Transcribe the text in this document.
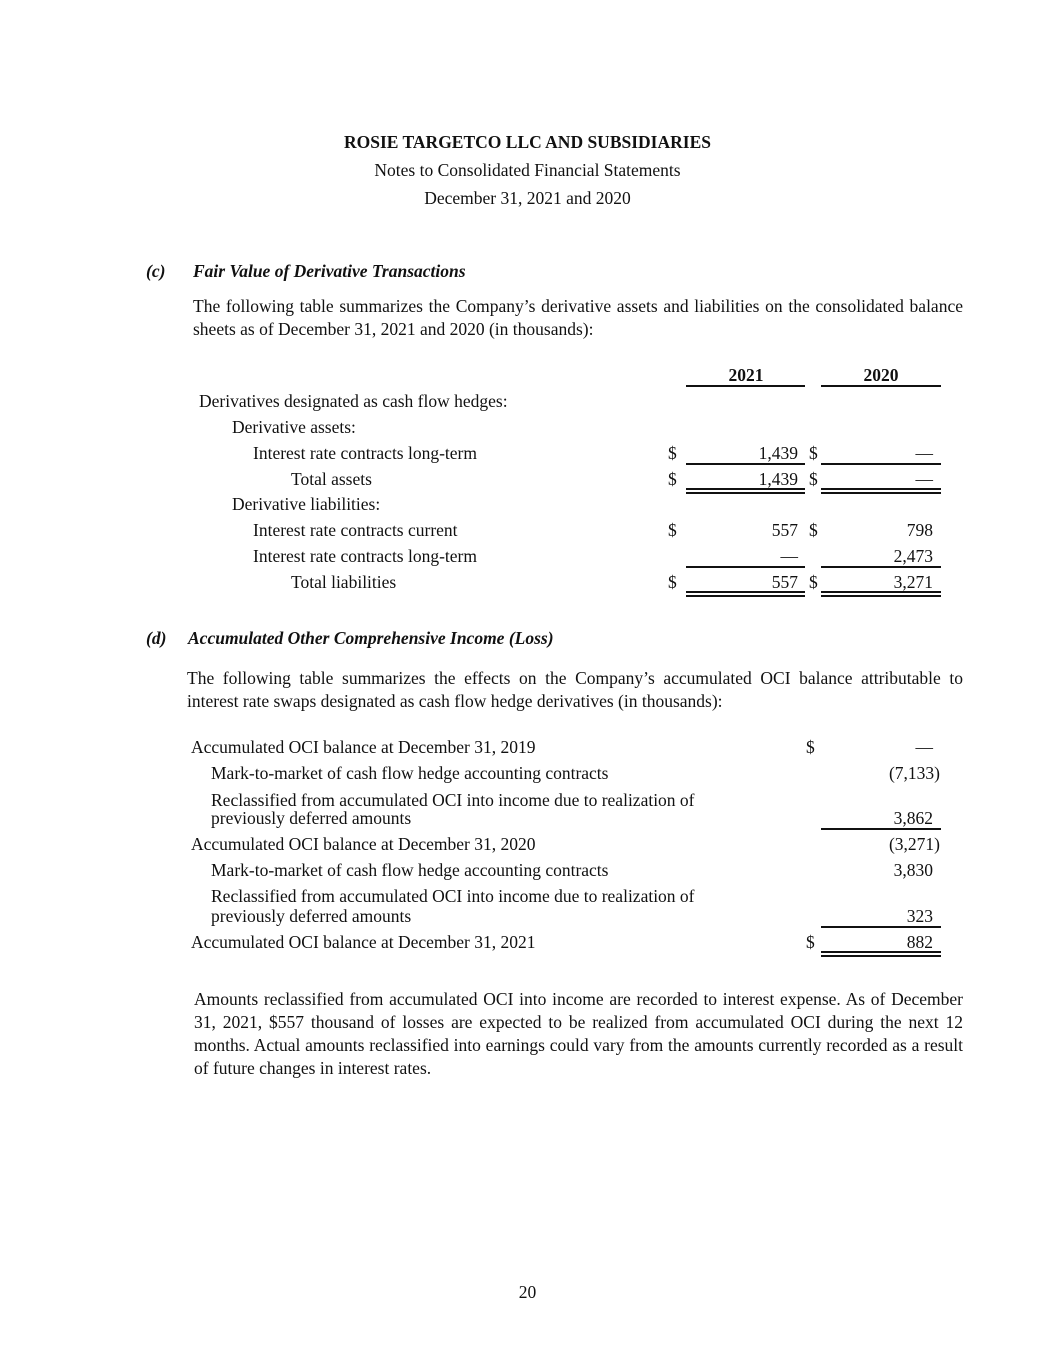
ROSIE TARGETCO LLC AND SUBSIDIARIES
Notes to Consolidated Financial Statements
December 31, 2021 and 2020
(c) Fair Value of Derivative Transactions
The following table summarizes the Company’s derivative assets and liabilities on the consolidated balance sheets as of December 31, 2021 and 2020 (in thousands):
2021	2020
Derivatives designated as cash flow hedges:
Derivative assets:
Interest rate contracts long-term	$	1,439 $	—
Total assets	$	1,439 $	—
Derivative liabilities:
Interest rate contracts current	$	557 $	798
Interest rate contracts long-term	—	2,473
Total liabilities	$	557 $	3,271
(d) Accumulated Other Comprehensive Income (Loss)
The following table summarizes the effects on the Company’s accumulated OCI balance attributable to interest rate swaps designated as cash flow hedge derivatives (in thousands):
Accumulated OCI balance at December 31, 2019	$	—
Mark-to-market of cash flow hedge accounting contracts	(7,133)
Reclassified from accumulated OCI into income due to realization of
previously deferred amounts	3,862
Accumulated OCI balance at December 31, 2020	(3,271)
Mark-to-market of cash flow hedge accounting contracts	3,830
Reclassified from accumulated OCI into income due to realization of
previously deferred amounts	323
Accumulated OCI balance at December 31, 2021	$	882
Amounts reclassified from accumulated OCI into income are recorded to interest expense. As of December 31, 2021, $557 thousand of losses are expected to be realized from accumulated OCI during the next 12 months. Actual amounts reclassified into earnings could vary from the amounts currently recorded as a result of future changes in interest rates.
20
